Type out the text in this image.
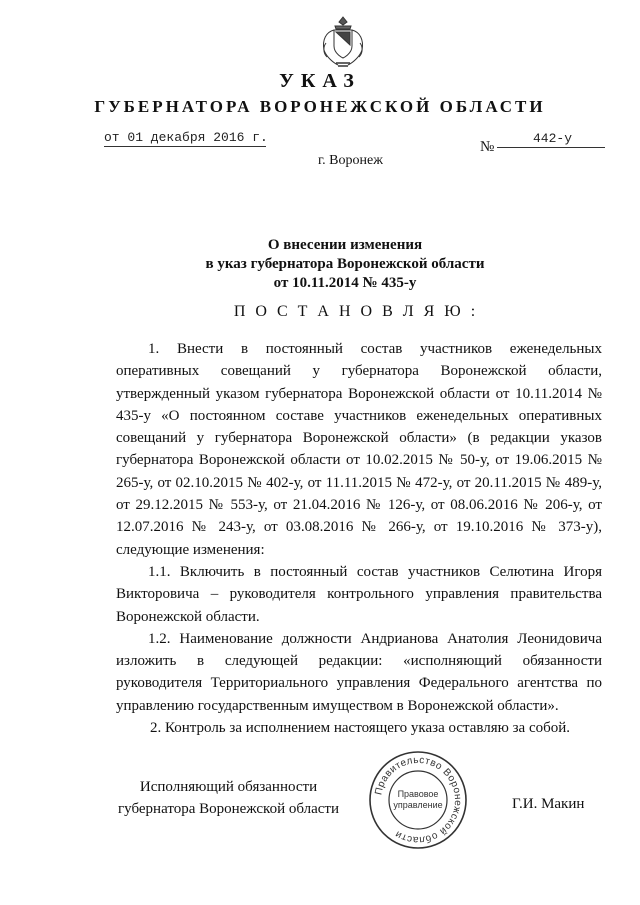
УКАЗ
ГУБЕРНАТОРА ВОРОНЕЖСКОЙ ОБЛАСТИ
от 01 декабря 2016 г.
№
442-у
г. Воронеж
О внесении изменения
в указ губернатора Воронежской области
от 10.11.2014 № 435-у
П О С Т А Н О В Л Я Ю :

1. Внести в постоянный состав участников еженедельных оперативных совещаний у губернатора Воронежской области, утвержденный указом губернатора Воронежской области от 10.11.2014 № 435-у «О постоянном составе участников еженедельных оперативных совещаний у губернатора Воронежской области» (в редакции указов губернатора Воронежской области от 10.02.2015 № 50-у, от 19.06.2015 № 265-у, от 02.10.2015 № 402-у, от 11.11.2015 № 472-у, от 20.11.2015 № 489-у, от 29.12.2015 № 553-у, от 21.04.2016 № 126-у, от 08.06.2016 № 206-у, от 12.07.2016 № 243-у, от 03.08.2016 № 266-у, от 19.10.2016 № 373-у), следующие изменения:

1.1. Включить в постоянный состав участников Селютина Игоря Викторовича – руководителя контрольного управления правительства Воронежской области.

1.2. Наименование должности Андрианова Анатолия Леонидовича изложить в следующей редакции: «исполняющий обязанности руководителя Территориального управления Федерального агентства по управлению государственным имуществом в Воронежской области».

2. Контроль за исполнением настоящего указа оставляю за собой.

Исполняющий обязанности
губернатора Воронежской области
Правительство Воронежской области
Правовое
управление	Г.И. Макин
